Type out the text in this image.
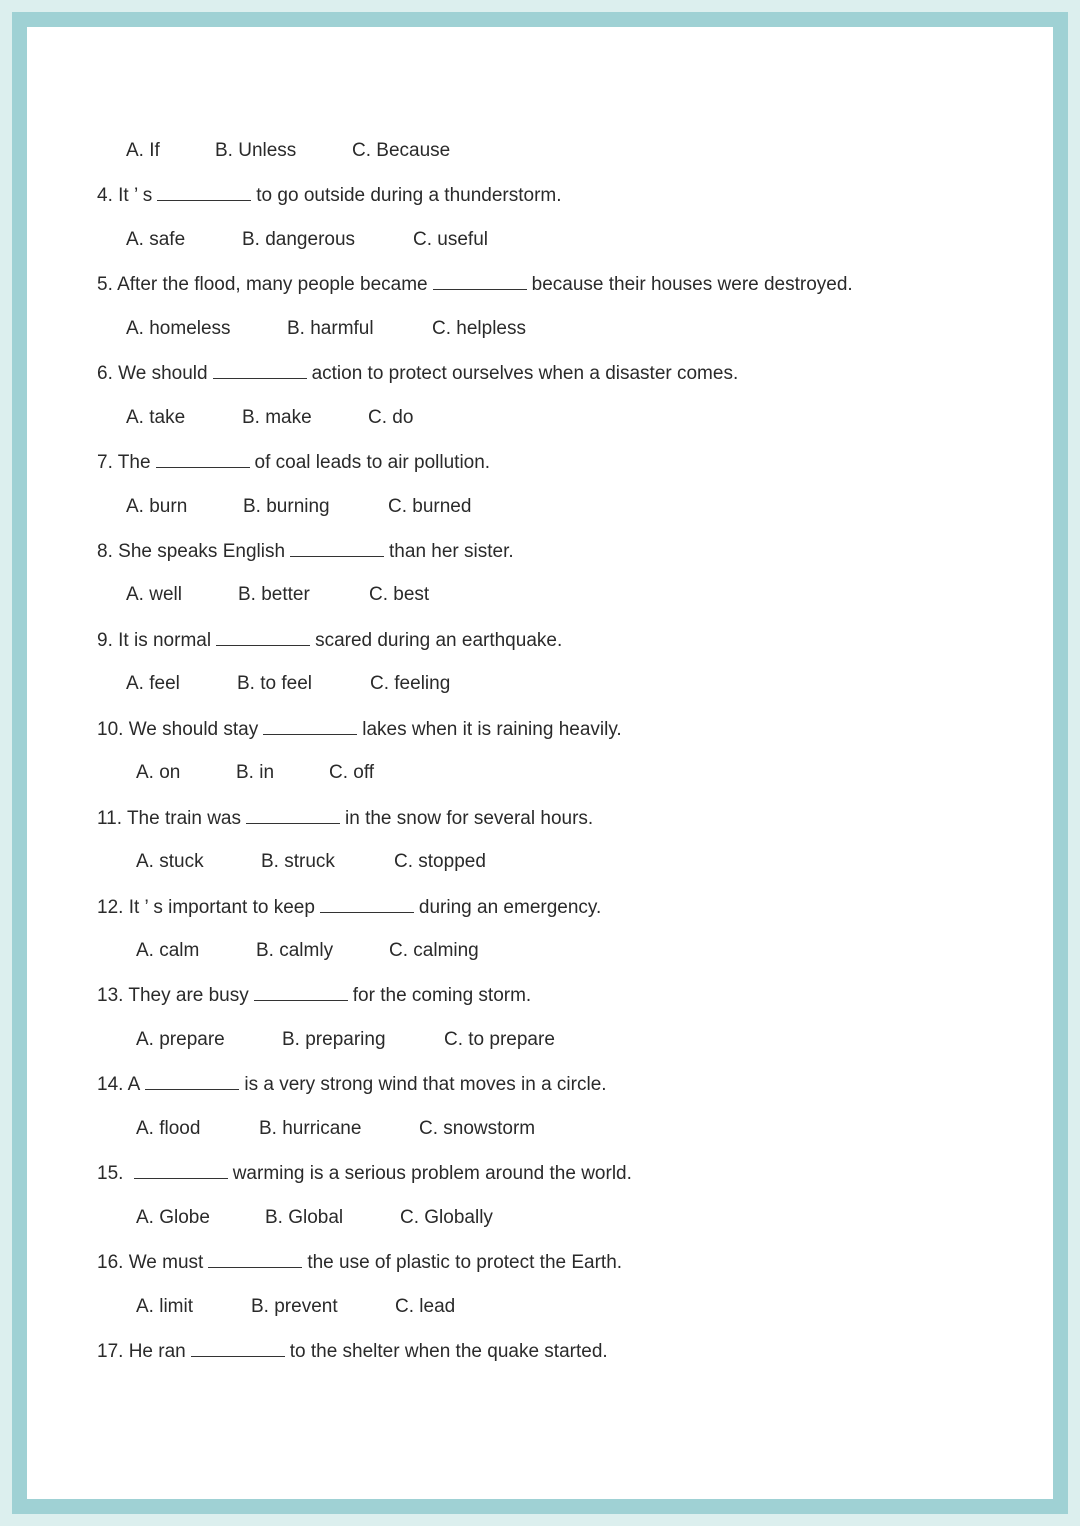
A. If	B. Unless	C. Because
4. It ’ s	to go outside during a thunderstorm.
A. safe	B. dangerous	C. useful
5. After the flood, many people became	because their houses were destroyed.
A. homeless	B. harmful	C. helpless
6. We should	action to protect ourselves when a disaster comes.
A. take	B. make	C. do
7. The	of coal leads to air pollution.
A. burn	B. burning	C. burned
8. She speaks English	than her sister.
A. well	B. better	C. best
9. It is normal	scared during an earthquake.
A. feel	B. to feel	C. feeling
10. We should stay	lakes when it is raining heavily.
A. on	B. in	C. off
11. The train was	in the snow for several hours.
A. stuck	B. struck	C. stopped
12. It ’ s important to keep	during an emergency.
A. calm	B. calmly	C. calming
13. They are busy	for the coming storm.
A. prepare	B. preparing	C. to prepare
14. A	is a very strong wind that moves in a circle.
A. flood	B. hurricane	C. snowstorm
15.	warming is a serious problem around the world.
A. Globe	B. Global	C. Globally
16. We must	the use of plastic to protect the Earth.
A. limit	B. prevent	C. lead
17. He ran	to the shelter when the quake started.
